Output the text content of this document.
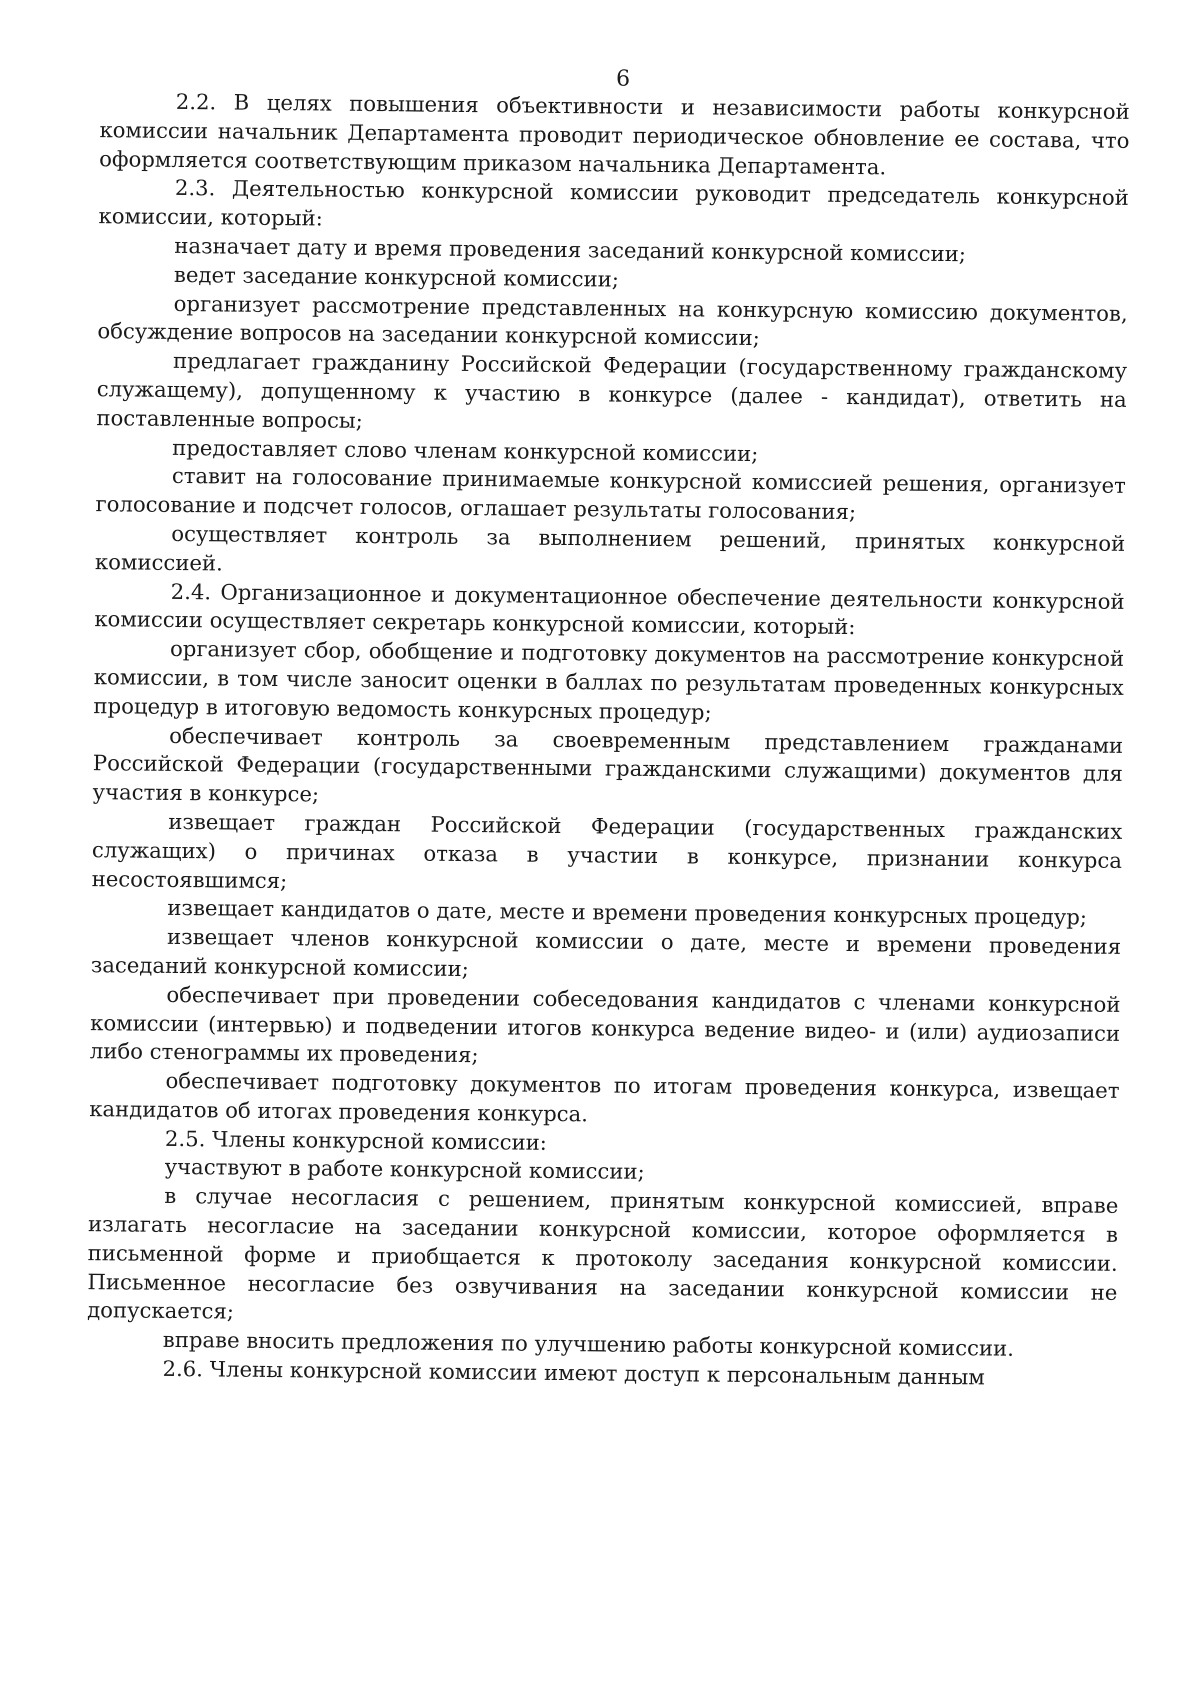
6

2.2. В целях повышения объективности и независимости работы конкурсной комиссии начальник Департамента проводит периодическое обновление ее состава, что оформляется соответствующим приказом начальника Департамента.

2.3. Деятельностью конкурсной комиссии руководит председатель конкурсной комиссии, который:

назначает дату и время проведения заседаний конкурсной комиссии;

ведет заседание конкурсной комиссии;

организует рассмотрение представленных на конкурсную комиссию документов, обсуждение вопросов на заседании конкурсной комиссии;

предлагает гражданину Российской Федерации (государственному гражданскому служащему), допущенному к участию в конкурсе (далее - кандидат), ответить на поставленные вопросы;

предоставляет слово членам конкурсной комиссии;

ставит на голосование принимаемые конкурсной комиссией решения, организует голосование и подсчет голосов, оглашает результаты голосования;

осуществляет контроль за выполнением решений, принятых конкурсной комиссией.

2.4. Организационное и документационное обеспечение деятельности конкурсной комиссии осуществляет секретарь конкурсной комиссии, который:

организует сбор, обобщение и подготовку документов на рассмотрение конкурсной комиссии, в том числе заносит оценки в баллах по результатам проведенных конкурсных процедур в итоговую ведомость конкурсных процедур;

обеспечивает контроль за своевременным представлением гражданами Российской Федерации (государственными гражданскими служащими) документов для участия в конкурсе;

извещает граждан Российской Федерации (государственных гражданских служащих) о причинах отказа в участии в конкурсе, признании конкурса несостоявшимся;

извещает кандидатов о дате, месте и времени проведения конкурсных процедур;

извещает членов конкурсной комиссии о дате, месте и времени проведения заседаний конкурсной комиссии;

обеспечивает при проведении собеседования кандидатов с членами конкурсной комиссии (интервью) и подведении итогов конкурса ведение видео- и (или) аудиозаписи либо стенограммы их проведения;

обеспечивает подготовку документов по итогам проведения конкурса, извещает кандидатов об итогах проведения конкурса.

2.5. Члены конкурсной комиссии:

участвуют в работе конкурсной комиссии;

в случае несогласия с решением, принятым конкурсной комиссией, вправе излагать несогласие на заседании конкурсной комиссии, которое оформляется в письменной форме и приобщается к протоколу заседания конкурсной комиссии. Письменное несогласие без озвучивания на заседании конкурсной комиссии не допускается;

вправе вносить предложения по улучшению работы конкурсной комиссии.

2.6. Члены конкурсной комиссии имеют доступ к персональным данным
